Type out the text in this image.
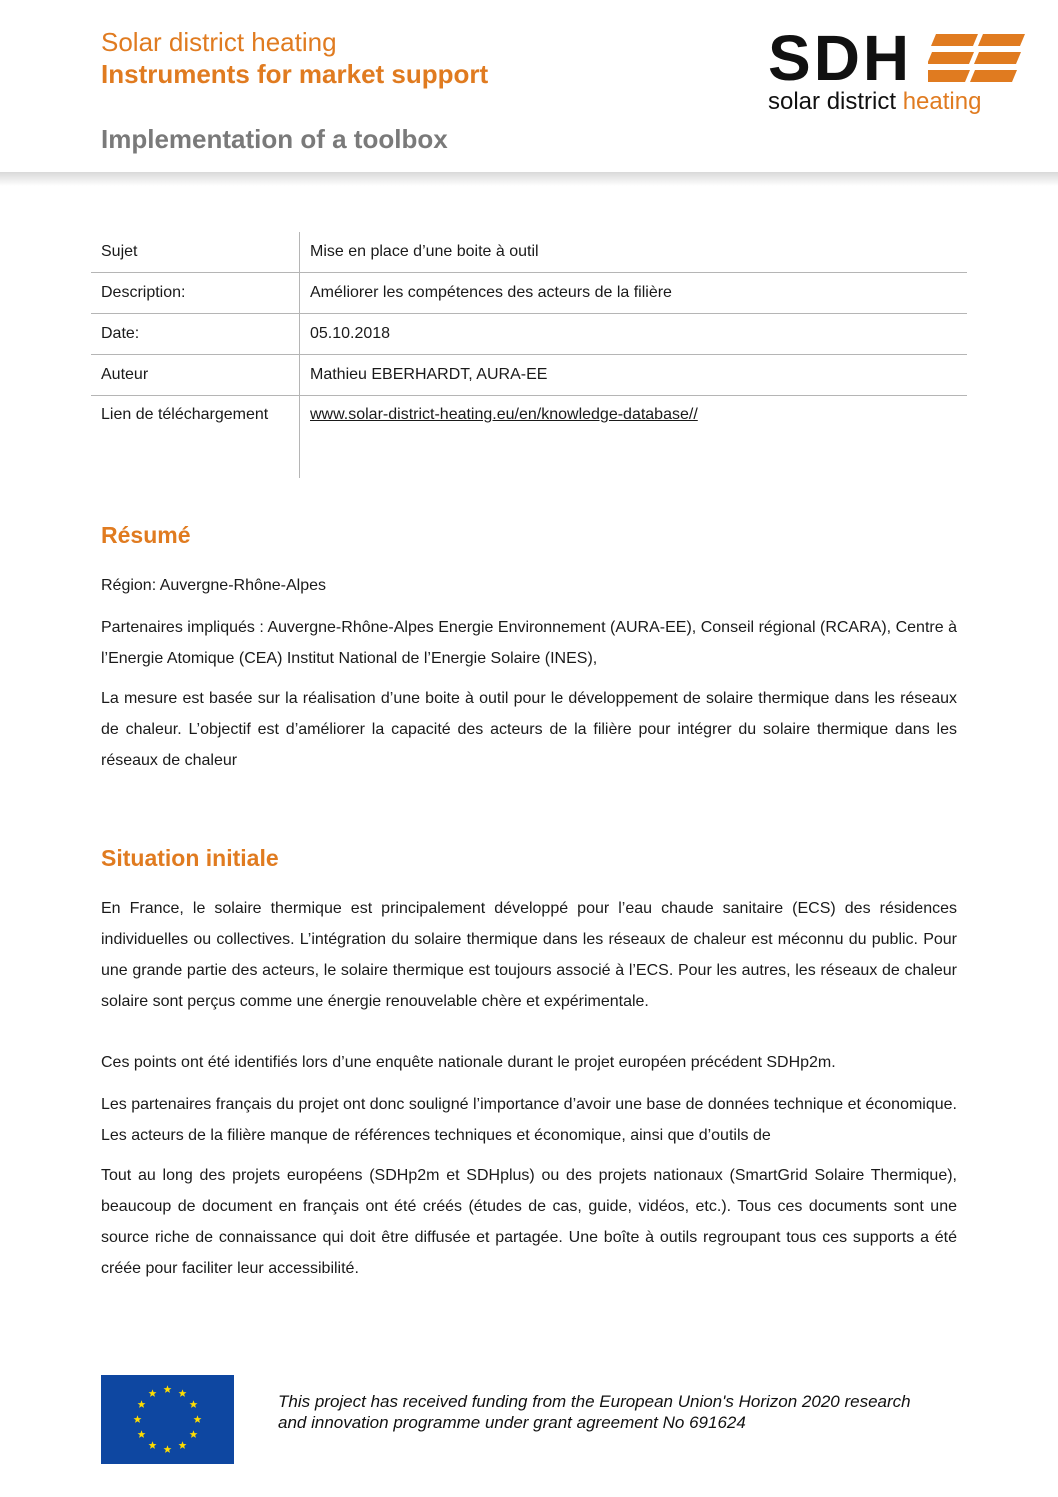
Solar district heating
Instruments for market support
Implementation of a toolbox
SDH
solar district heating
Sujet	Mise en place d’une boite à outil
Description:	Améliorer les compétences des acteurs de la filière
Date:	05.10.2018
Auteur	Mathieu EBERHARDT, AURA-EE
Lien de téléchargement	www.solar-district-heating.eu/en/knowledge-database//
Résumé

Région: Auvergne-Rhône-Alpes

Partenaires impliqués : Auvergne-Rhône-Alpes Energie Environnement (AURA-EE), Conseil régional (RCARA), Centre à l’Energie Atomique (CEA) Institut National de l’Energie Solaire (INES),

La mesure est basée sur la réalisation d’une boite à outil pour le développement de solaire thermique dans les réseaux de chaleur. L’objectif est d’améliorer la capacité des acteurs de la filière pour intégrer du solaire thermique dans les réseaux de chaleur

Situation initiale

En France, le solaire thermique est principalement développé pour l’eau chaude sanitaire (ECS) des résidences individuelles ou collectives. L’intégration du solaire thermique dans les réseaux de chaleur est méconnu du public. Pour une grande partie des acteurs, le solaire thermique est toujours associé à l’ECS. Pour les autres, les réseaux de chaleur solaire sont perçus comme une énergie renouvelable chère et expérimentale.

Ces points ont été identifiés lors d’une enquête nationale durant le projet européen précédent SDHp2m.

Les partenaires français du projet ont donc souligné l’importance d’avoir une base de données technique et économique. Les acteurs de la filière manque de références techniques et économique, ainsi que d’outils de

Tout au long des projets européens (SDHp2m et SDHplus) ou des projets nationaux (SmartGrid Solaire Thermique), beaucoup de document en français ont été créés (études de cas, guide, vidéos, etc.). Tous ces documents sont une source riche de connaissance qui doit être diffusée et partagée. Une boîte à outils regroupant tous ces supports a été créée pour faciliter leur accessibilité.

This project has received funding from the European Union's Horizon 2020 research
and innovation programme under grant agreement No 691624
